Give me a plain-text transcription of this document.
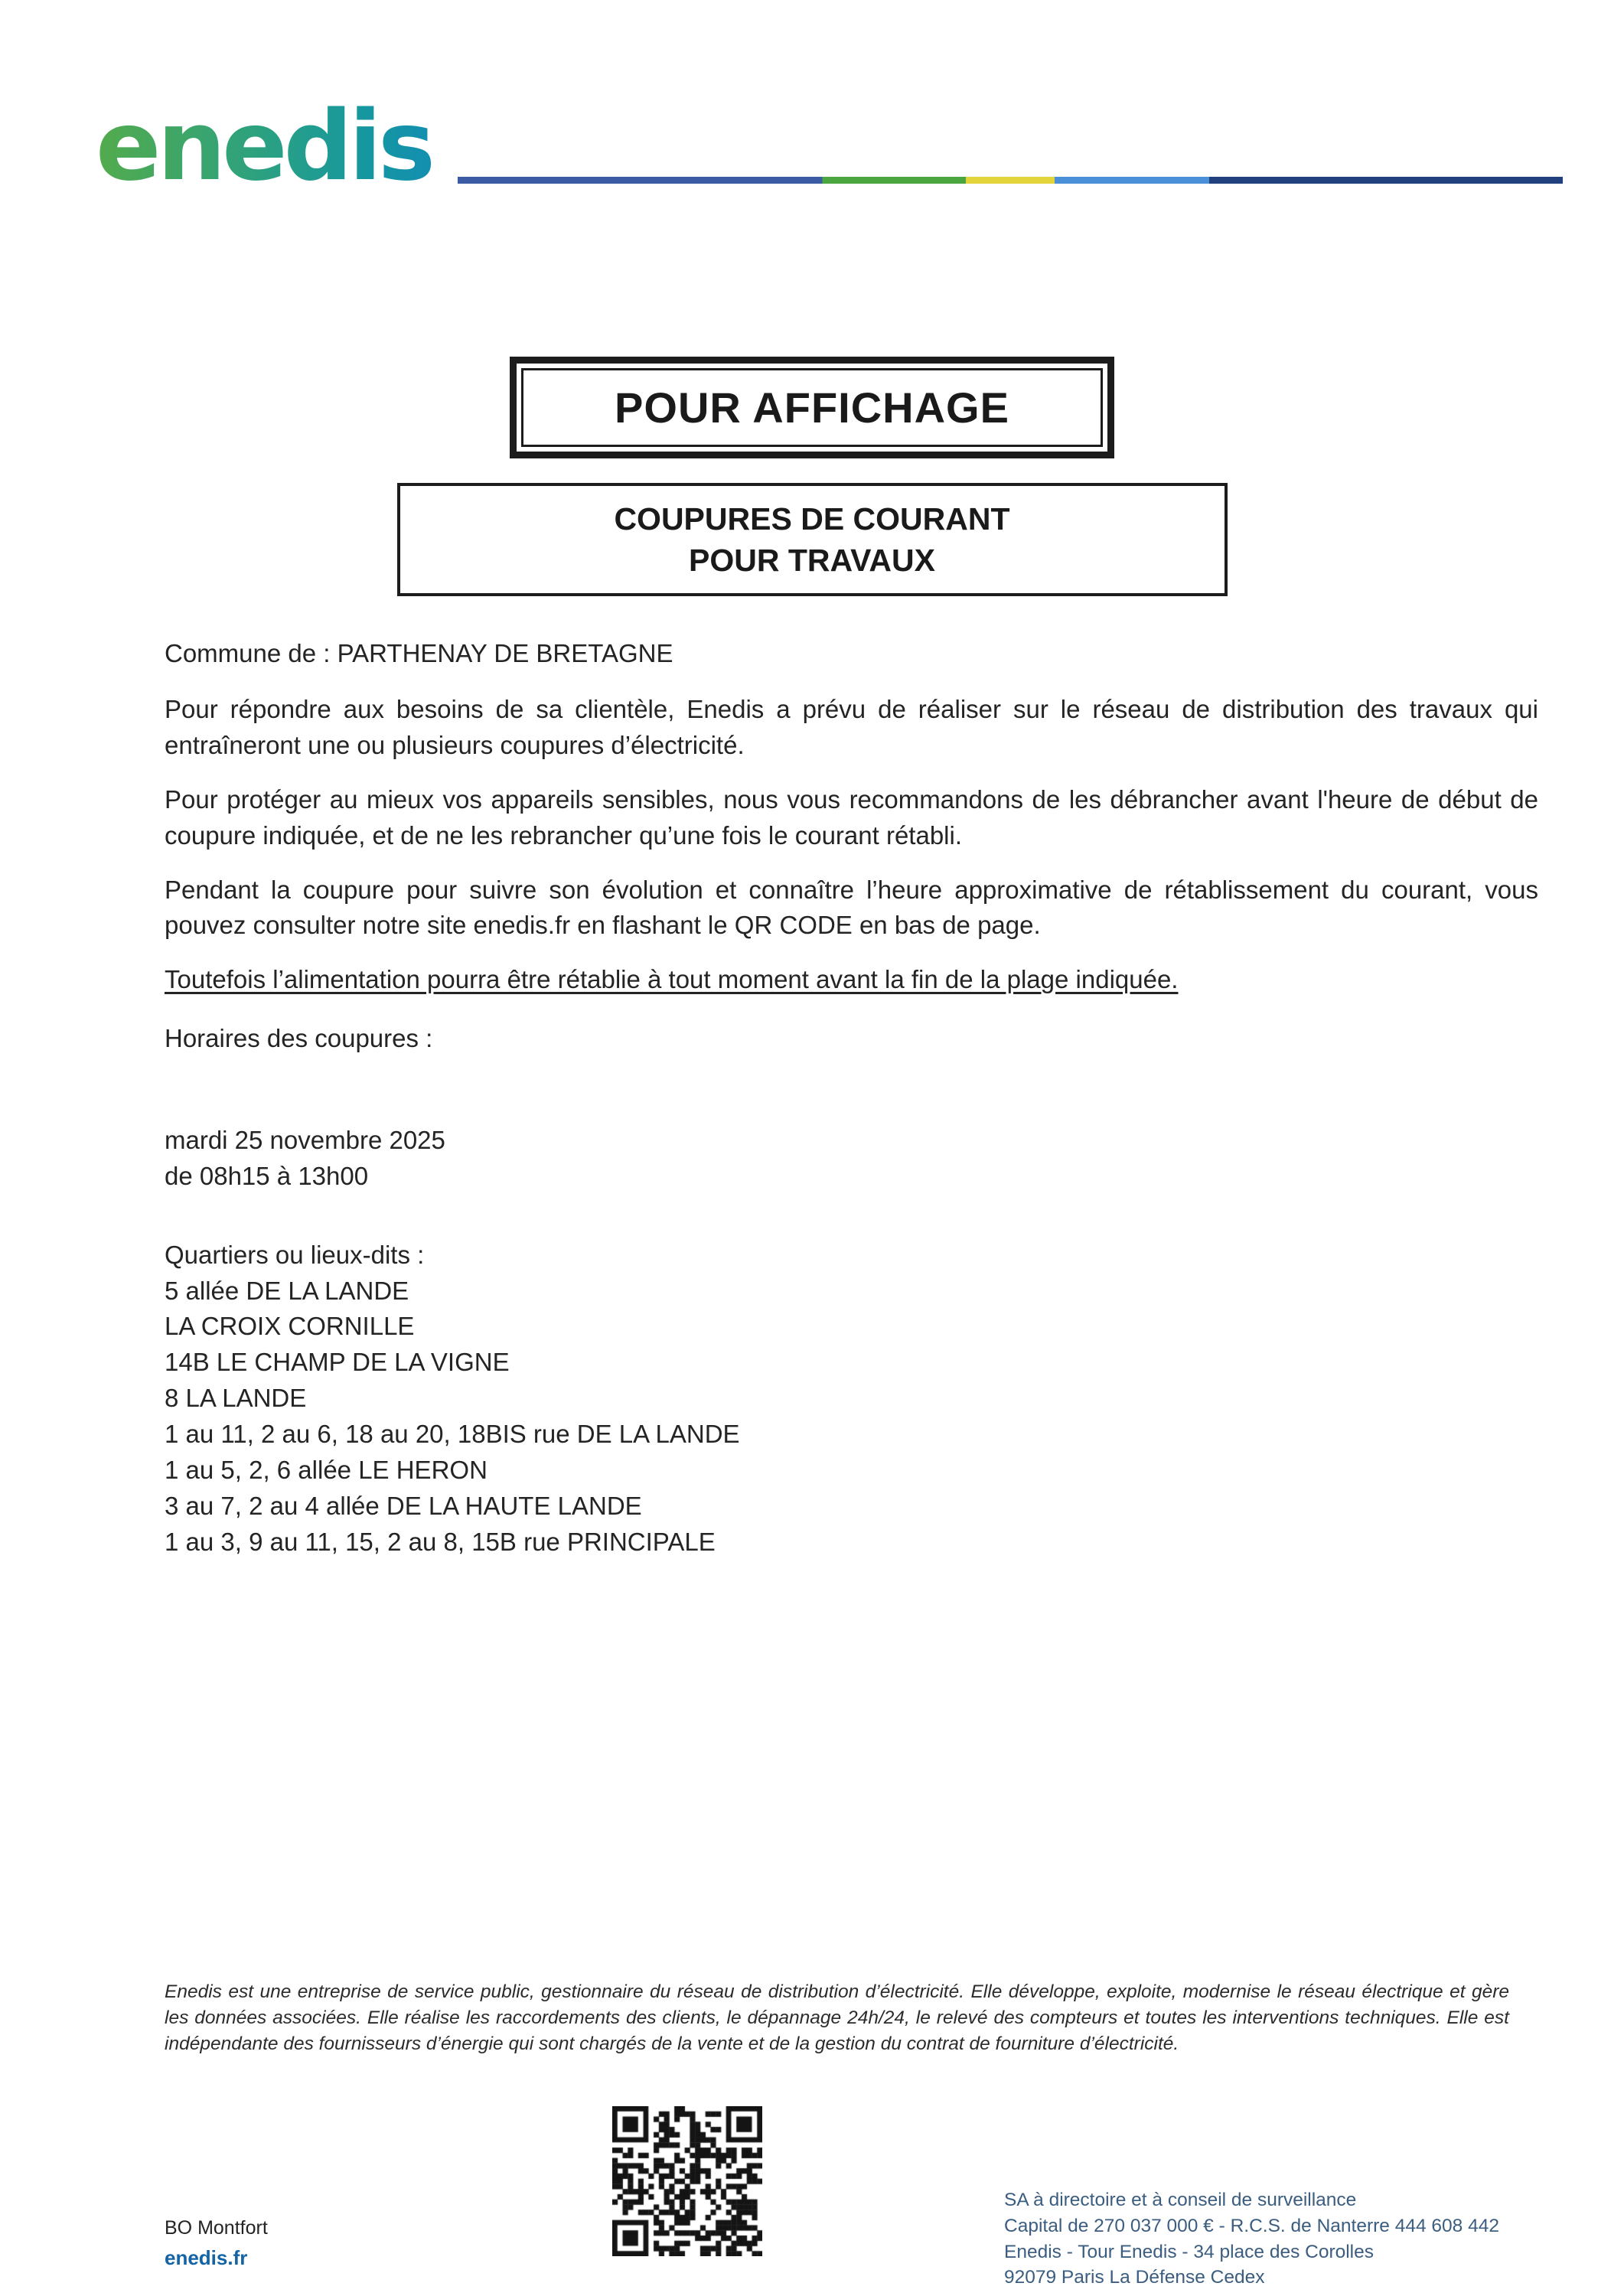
enedis
POUR AFFICHAGE
COUPURES DE COURANT
POUR TRAVAUX
Commune de : PARTHENAY DE BRETAGNE

Pour répondre aux besoins de sa clientèle, Enedis a prévu de réaliser sur le réseau de distribution des travaux qui entraîneront une ou plusieurs coupures d’électricité.

Pour protéger au mieux vos appareils sensibles, nous vous recommandons de les débrancher avant l'heure de début de coupure indiquée, et de ne les rebrancher qu’une fois le courant rétabli.

Pendant la coupure pour suivre son évolution et connaître l’heure approximative de rétablissement du courant, vous pouvez consulter notre site enedis.fr en flashant le QR CODE en bas de page.

Toutefois l’alimentation pourra être rétablie à tout moment avant la fin de la plage indiquée.
Horaires des coupures :
mardi 25 novembre 2025
de 08h15 à 13h00
Quartiers ou lieux-dits :
5 allée DE LA LANDE
LA CROIX CORNILLE
14B LE CHAMP DE LA VIGNE
8 LA LANDE
1 au 11, 2 au 6, 18 au 20, 18BIS rue DE LA LANDE
1 au 5, 2, 6 allée LE HERON
3 au 7, 2 au 4 allée DE LA HAUTE LANDE
1 au 3, 9 au 11, 15, 2 au 8, 15B rue PRINCIPALE
Enedis est une entreprise de service public, gestionnaire du réseau de distribution d’électricité. Elle développe, exploite, modernise le réseau électrique et gère les données associées. Elle réalise les raccordements des clients, le dépannage 24h/24, le relevé des compteurs et toutes les interventions techniques. Elle est indépendante des fournisseurs d’énergie qui sont chargés de la vente et de la gestion du contrat de fourniture d’électricité.
BO Montfort
enedis.fr
SA à directoire et à conseil de surveillance
Capital de 270 037 000 € - R.C.S. de Nanterre 444 608 442
Enedis - Tour Enedis - 34 place des Corolles
92079 Paris La Défense Cedex
